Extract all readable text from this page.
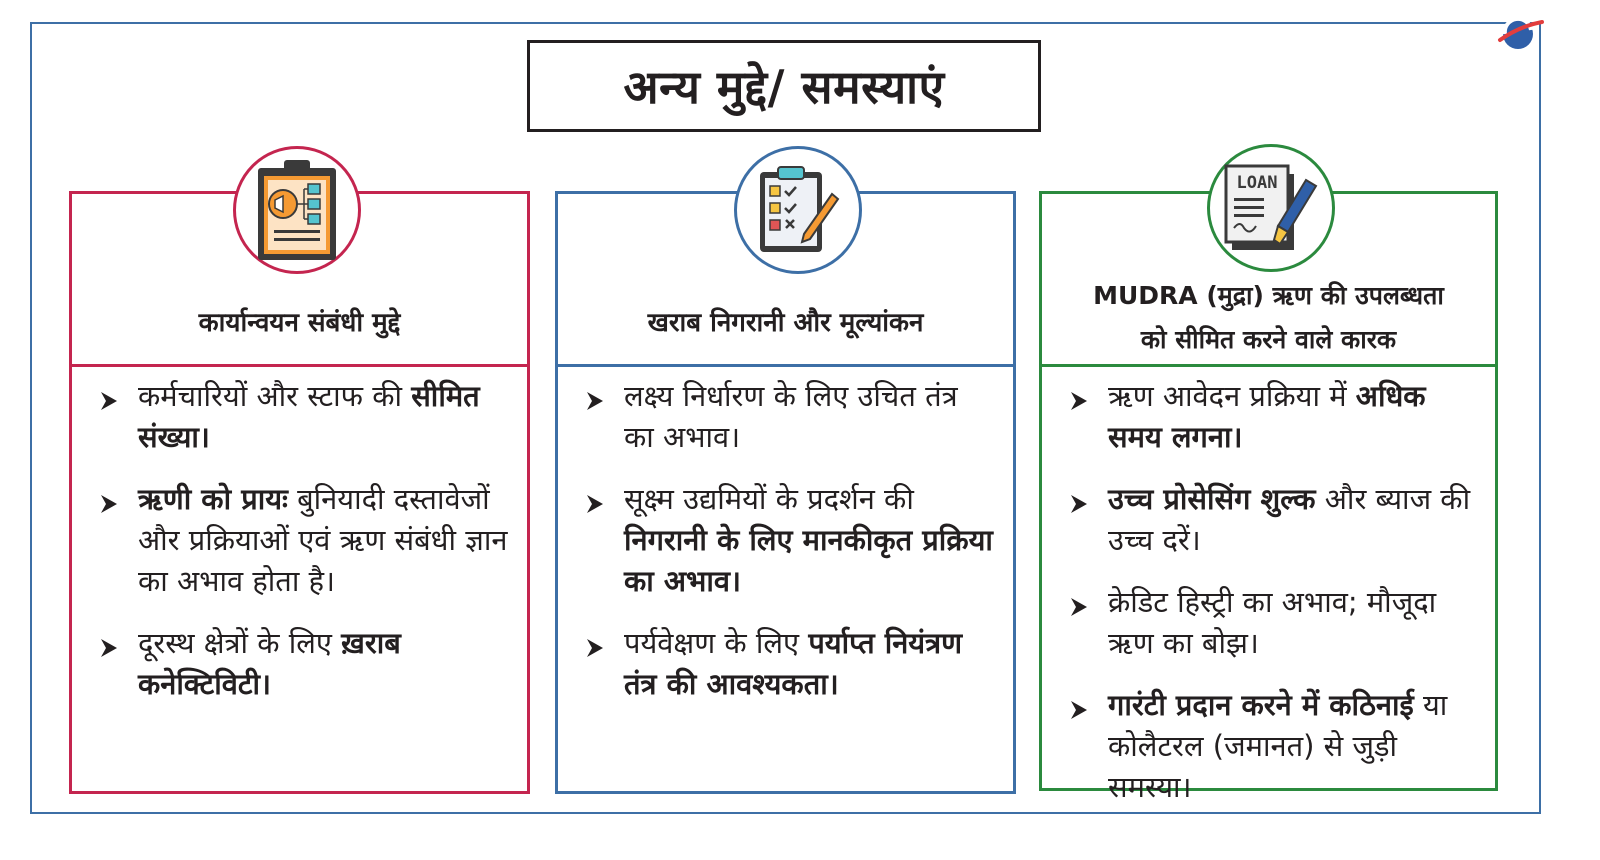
अन्य मुद्दे/ समस्याएं
कार्यान्वयन संबंधी मुद्दे
कर्मचारियों और स्टाफ की सीमित संख्या।
ऋणी को प्रायः बुनियादी दस्तावेजों और प्रक्रियाओं एवं ऋण संबंधी ज्ञान का अभाव होता है।
दूरस्थ क्षेत्रों के लिए ख़राब कनेक्टिविटी।
खराब निगरानी और मूल्यांकन
लक्ष्य निर्धारण के लिए उचित तंत्र का अभाव।
सूक्ष्म उद्यमियों के प्रदर्शन की निगरानी के लिए मानकीकृत प्रक्रिया का अभाव।
पर्यवेक्षण के लिए पर्याप्त नियंत्रण तंत्र की आवश्यकता।
MUDRA (मुद्रा) ऋण की उपलब्धता
को सीमित करने वाले कारक
ऋण आवेदन प्रक्रिया में अधिक समय लगना।
उच्च प्रोसेसिंग शुल्क और ब्याज की उच्च दरें।
क्रेडिट हिस्ट्री का अभाव; मौजूदा ऋण का बोझ।
गारंटी प्रदान करने में कठिनाई या कोलैटरल (जमानत) से जुड़ी समस्या।
LOAN
